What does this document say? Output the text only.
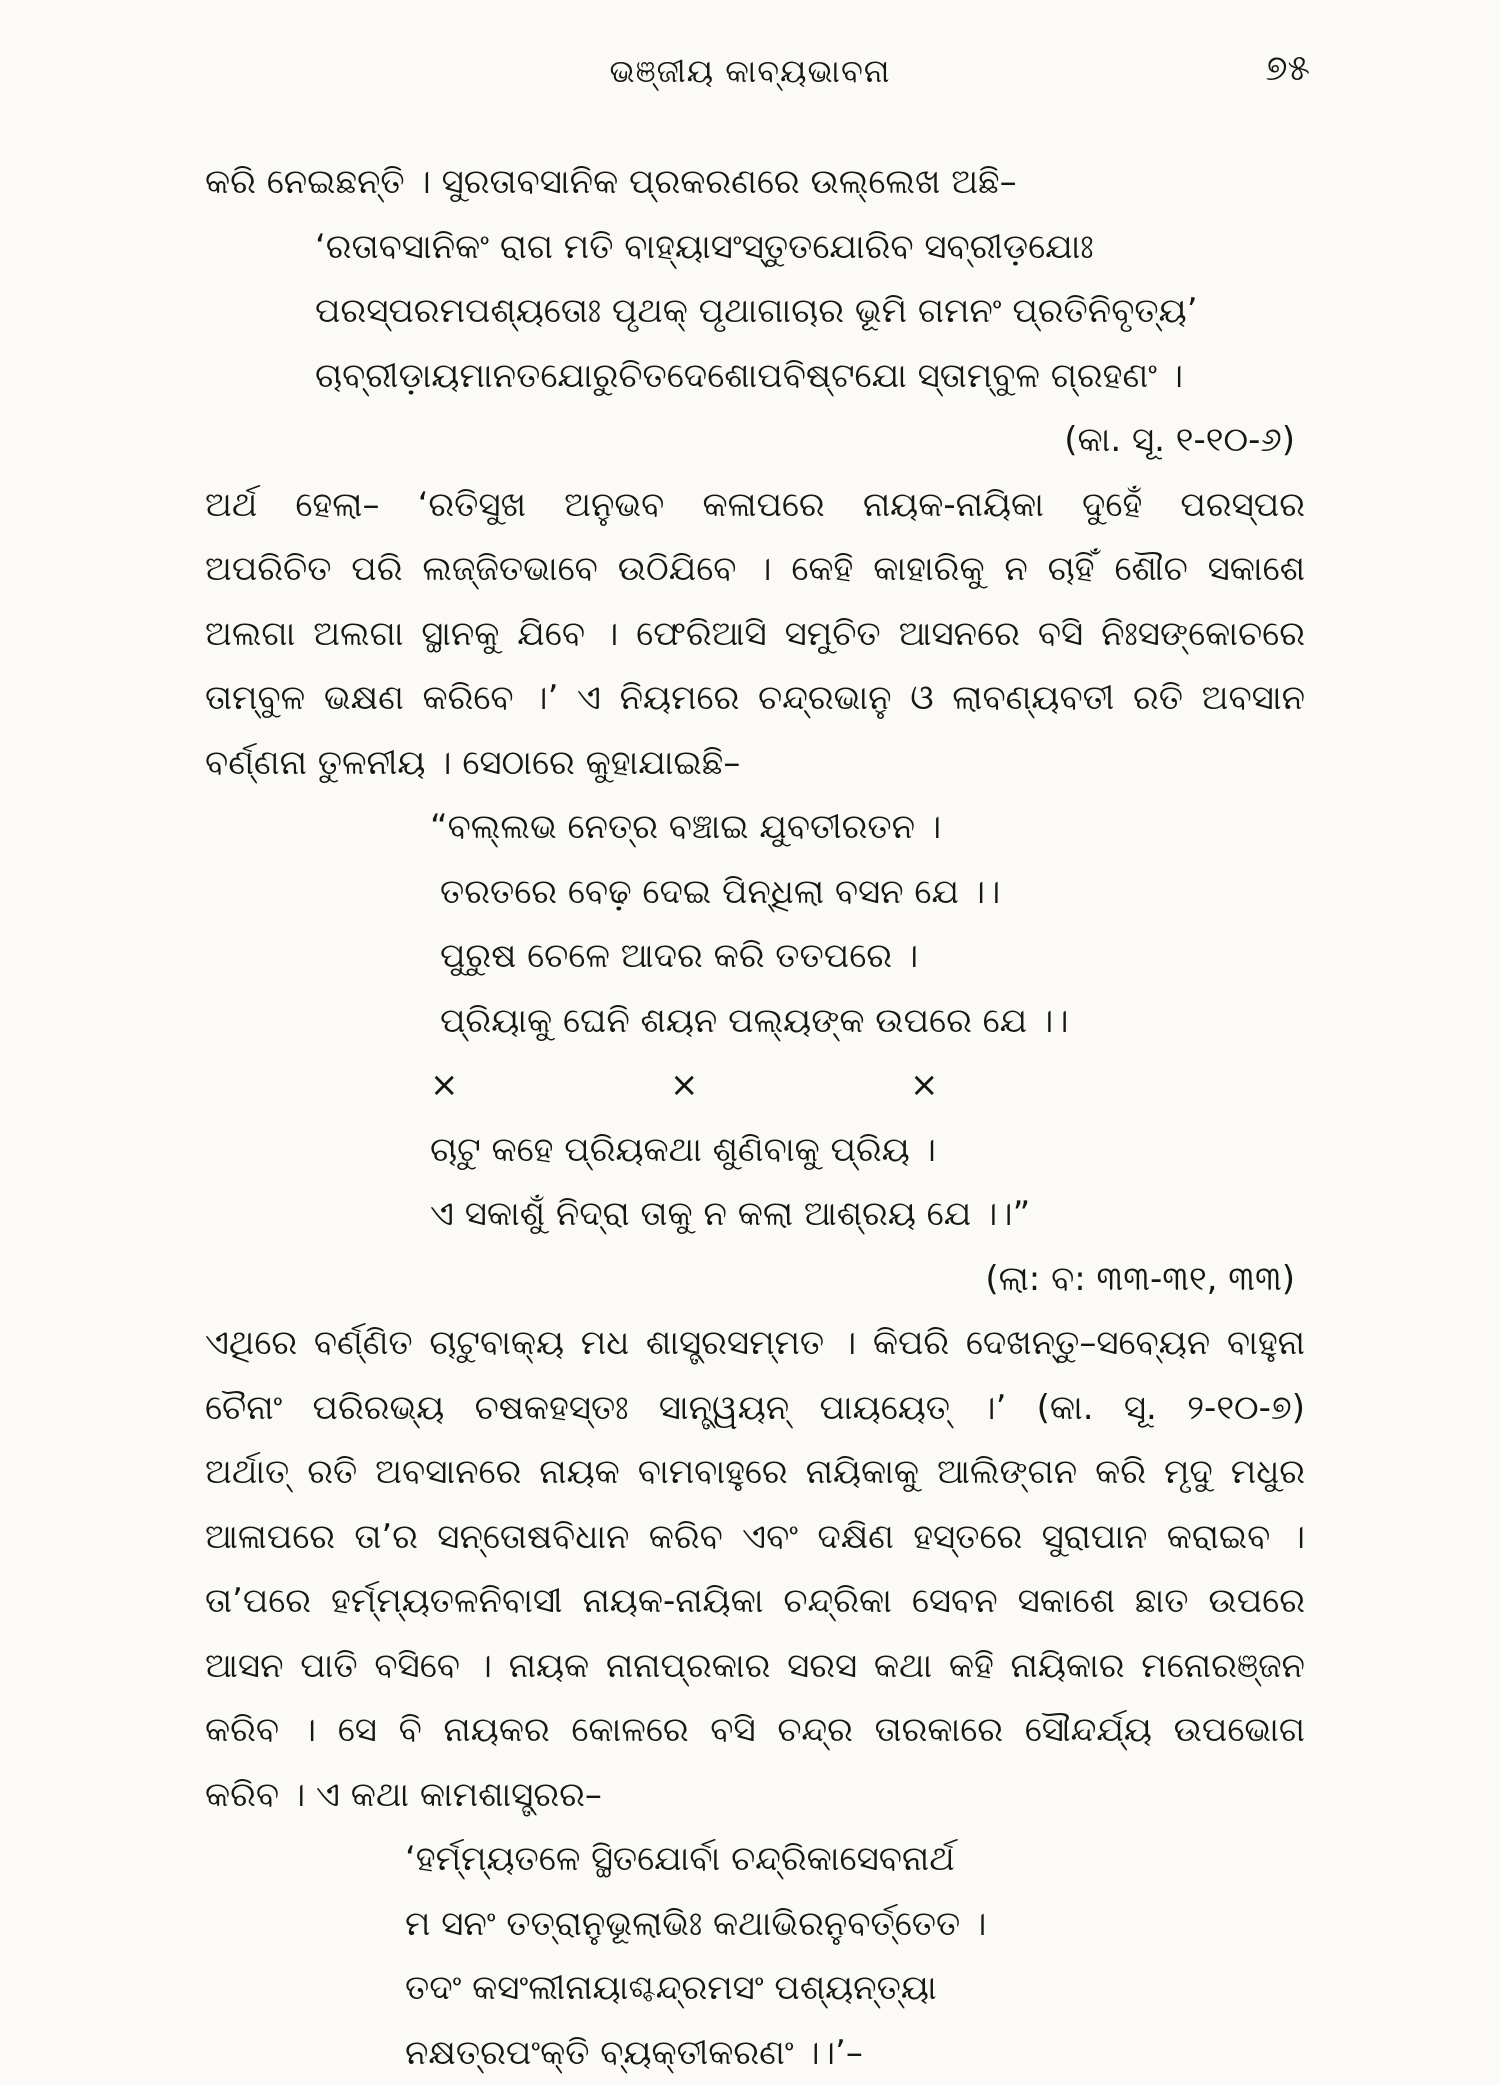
ଭଞ୍ଜୀୟ କାବ୍ୟଭାବନା	୭୫
କରି ନେଇଛନ୍ତି । ସୁରତାବସାନିକ ପ୍ରକରଣରେ ଉଲ୍ଲେଖ ଅଛି–
‘ରତାବସାନିକଂ ରାଗ ମତି ବାହ୍ୟାସଂସ୍ତୁତଯୋରିବ ସବ୍ରୀଡ଼ଯୋଃ
ପରସ୍ପରମପଶ୍ୟତୋଃ ପୃଥକ୍ ପୃଥାଗାଚାର ଭୂମି ଗମନଂ ପ୍ରତିନିବୃତ୍ୟ’
ଚାବ୍ରୀଡ଼ାୟମାନତଯୋରୁଚିତଦେଶୋପବିଷ୍ଟଯୋ ସ୍ତାମ୍ବୁଳ ଗ୍ରହଣଂ ।
(କା. ସୂ. ୧-୧୦-୬)
ଅର୍ଥ ହେଲା– ‘ରତିସୁଖ ଅନୁଭବ କଳାପରେ ନାୟକ-ନାୟିକା ଦୁହେଁ ପରସ୍ପର
ଅପରିଚିତ ପରି ଲଜ୍ଜିତଭାବେ ଉଠିଯିବେ । କେହି କାହାରିକୁ ନ ଚାହିଁ ଶୌଚ ସକାଶେ
ଅଲଗା ଅଲଗା ସ୍ଥାନକୁ ଯିବେ । ଫେରିଆସି ସମୁଚିତ ଆସନରେ ବସି ନିଃସଙ୍କୋଚରେ
ତାମ୍ବୁଳ ଭକ୍ଷଣ କରିବେ ।’ ଏ ନିୟମରେ ଚନ୍ଦ୍ରଭାନୁ ଓ ଲାବଣ୍ୟବତୀ ରତି ଅବସାନ
ବର୍ଣ୍ଣନା ତୁଳନୀୟ । ସେଠାରେ କୁହାଯାଇଛି–
“ବଲ୍ଲଭ ନେତ୍ର ବଞ୍ଚାଇ ଯୁବତୀରତନ ।
ତରତରେ ବେଢ଼ ଦେଇ ପିନ୍ଧିଲା ବସନ ଯେ ।।
ପୁରୁଷ ଚେଳେ ଆଦର କରି ତତପରେ ।
ପ୍ରିୟାକୁ ଘେନି ଶୟନ ପଲ୍ୟଙ୍କ ଉପରେ ଯେ ।।
×	×	×
ଚାଟୁ କହେ ପ୍ରିୟକଥା ଶୁଣିବାକୁ ପ୍ରିୟ ।
ଏ ସକାଶୁଁ ନିଦ୍ରା ତାକୁ ନ କଲା ଆଶ୍ରୟ ଯେ ।।”
(ଲା: ବ: ୩୩-୩୧, ୩୩)
ଏଥିରେ ବର୍ଣ୍ଣିତ ଚାଟୁବାକ୍ୟ ମଧ ଶାସ୍ତ୍ରସମ୍ମତ । କିପରି ଦେଖନ୍ତୁ–ସବ୍ୟେନ ବାହୁନା
ଚୈନାଂ ପରିରଭ୍ୟ ଚଷକହସ୍ତଃ ସାନ୍ତ୍ୱୟନ୍ ପାୟୟେତ୍ ।’ (କା. ସୂ. ୨-୧୦-୭)
ଅର୍ଥାତ୍ ରତି ଅବସାନରେ ନାୟକ ବାମବାହୁରେ ନାୟିକାକୁ ଆଲିଙ୍ଗନ କରି ମୃଦୁ ମଧୁର
ଆଳାପରେ ତା’ର ସନ୍ତୋଷବିଧାନ କରିବ ଏବଂ ଦକ୍ଷିଣ ହସ୍ତରେ ସୁରାପାନ କରାଇବ ।
ତା’ପରେ ହର୍ମ୍ମ୍ୟତଳନିବାସୀ ନାୟକ-ନାୟିକା ଚନ୍ଦ୍ରିକା ସେବନ ସକାଶେ ଛାତ ଉପରେ
ଆସନ ପାତି ବସିବେ । ନାୟକ ନାନାପ୍ରକାର ସରସ କଥା କହି ନାୟିକାର ମନୋରଞ୍ଜନ
କରିବ । ସେ ବି ନାୟକର କୋଳରେ ବସି ଚନ୍ଦ୍ର ତାରକାରେ ସୌନ୍ଦର୍ଯ୍ୟ ଉପଭୋଗ
କରିବ । ଏ କଥା କାମଶାସ୍ତ୍ରର–
‘ହର୍ମ୍ମ୍ୟତଳେ ସ୍ଥିତଯୋର୍ବା ଚନ୍ଦ୍ରିକାସେବନାର୍ଥ
ମ ସନଂ ତତ୍ରାନୁଭୂଲାଭିଃ କଥାଭିରନୁବର୍ତ୍ତେତ ।
ତଦଂ କସଂଲୀନାୟାଶ୍ଚନ୍ଦ୍ରମସଂ ପଶ୍ୟନ୍ତ୍ୟା
ନକ୍ଷତ୍ରପଂକ୍ତି ବ୍ୟକ୍ତୀକରଣଂ ।।’–
